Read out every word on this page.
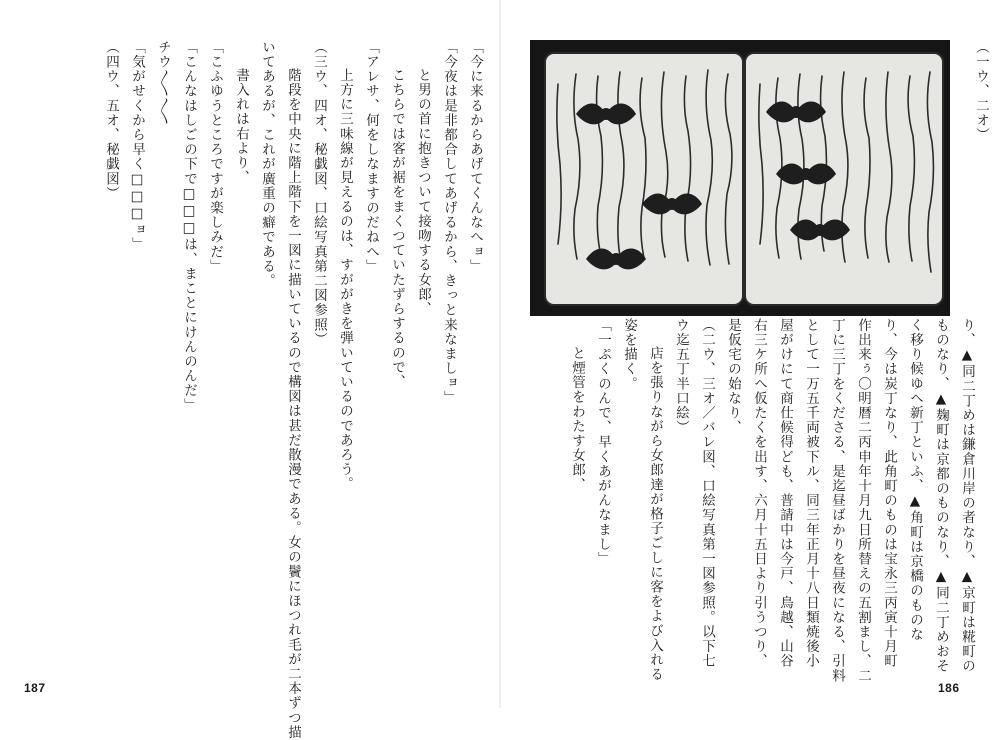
「今に来るからあげてくんなへョ」
「今夜は是非都合してあげるから、きっと来なましョ」
と男の首に抱きついて接吻する女郎、
こちらでは客が裾をまくつていたずらするので、
「アレサ、何をしなますのだねへ」
上方に三味線が見えるのは、すががきを弾いているのであろう。
（三ウ、四オ、秘戯図、口絵写真第二図参照）
階段を中央に階上階下を一図に描いているので構図は甚だ散漫である。女の鬢にほつれ毛が二本ずつ描
いてあるが、これが廣重の癖である。
書入れは右より、
「こふゆうところですが楽しみだ」
「こんなはしごの下で□□□は、まことにけんのんだ」
チウ〳〵〳〵
「気がせくから早く□□□ョ」
（四ウ、五オ、秘戯図）
187
（一ウ、二オ）
り、▲同二丁めは鎌倉川岸の者なり、▲京町は糀町の
ものなり、▲麹町は京都のものなり、▲同二丁めおそ
く移り候ゆへ新丁といふ、▲角町は京橋のものな
り、今は炭丁なり、此角町のものは宝永三丙寅十月町
作出来ぅ〇明暦二丙申年十月九日所替えの五割まし、二
丁に三丁をくださる、是迄昼ばかりを昼夜になる、引料
として一万五千両被下ル、同三年正月十八日類焼後小
屋がけにて商仕候得ども、普請中は今戸、鳥越、山谷
右三ケ所へ仮たくを出す、六月十五日より引うつり、
是仮宅の始なり、
（二ウ、三オ／バレ図、口絵写真第一図参照。以下七
ウ迄五丁半口絵）
店を張りながら女郎達が格子ごしに客をよび入れる
姿を描く。
「一ぷくのんで、早くあがんなまし」
と煙管をわたす女郎、
186
